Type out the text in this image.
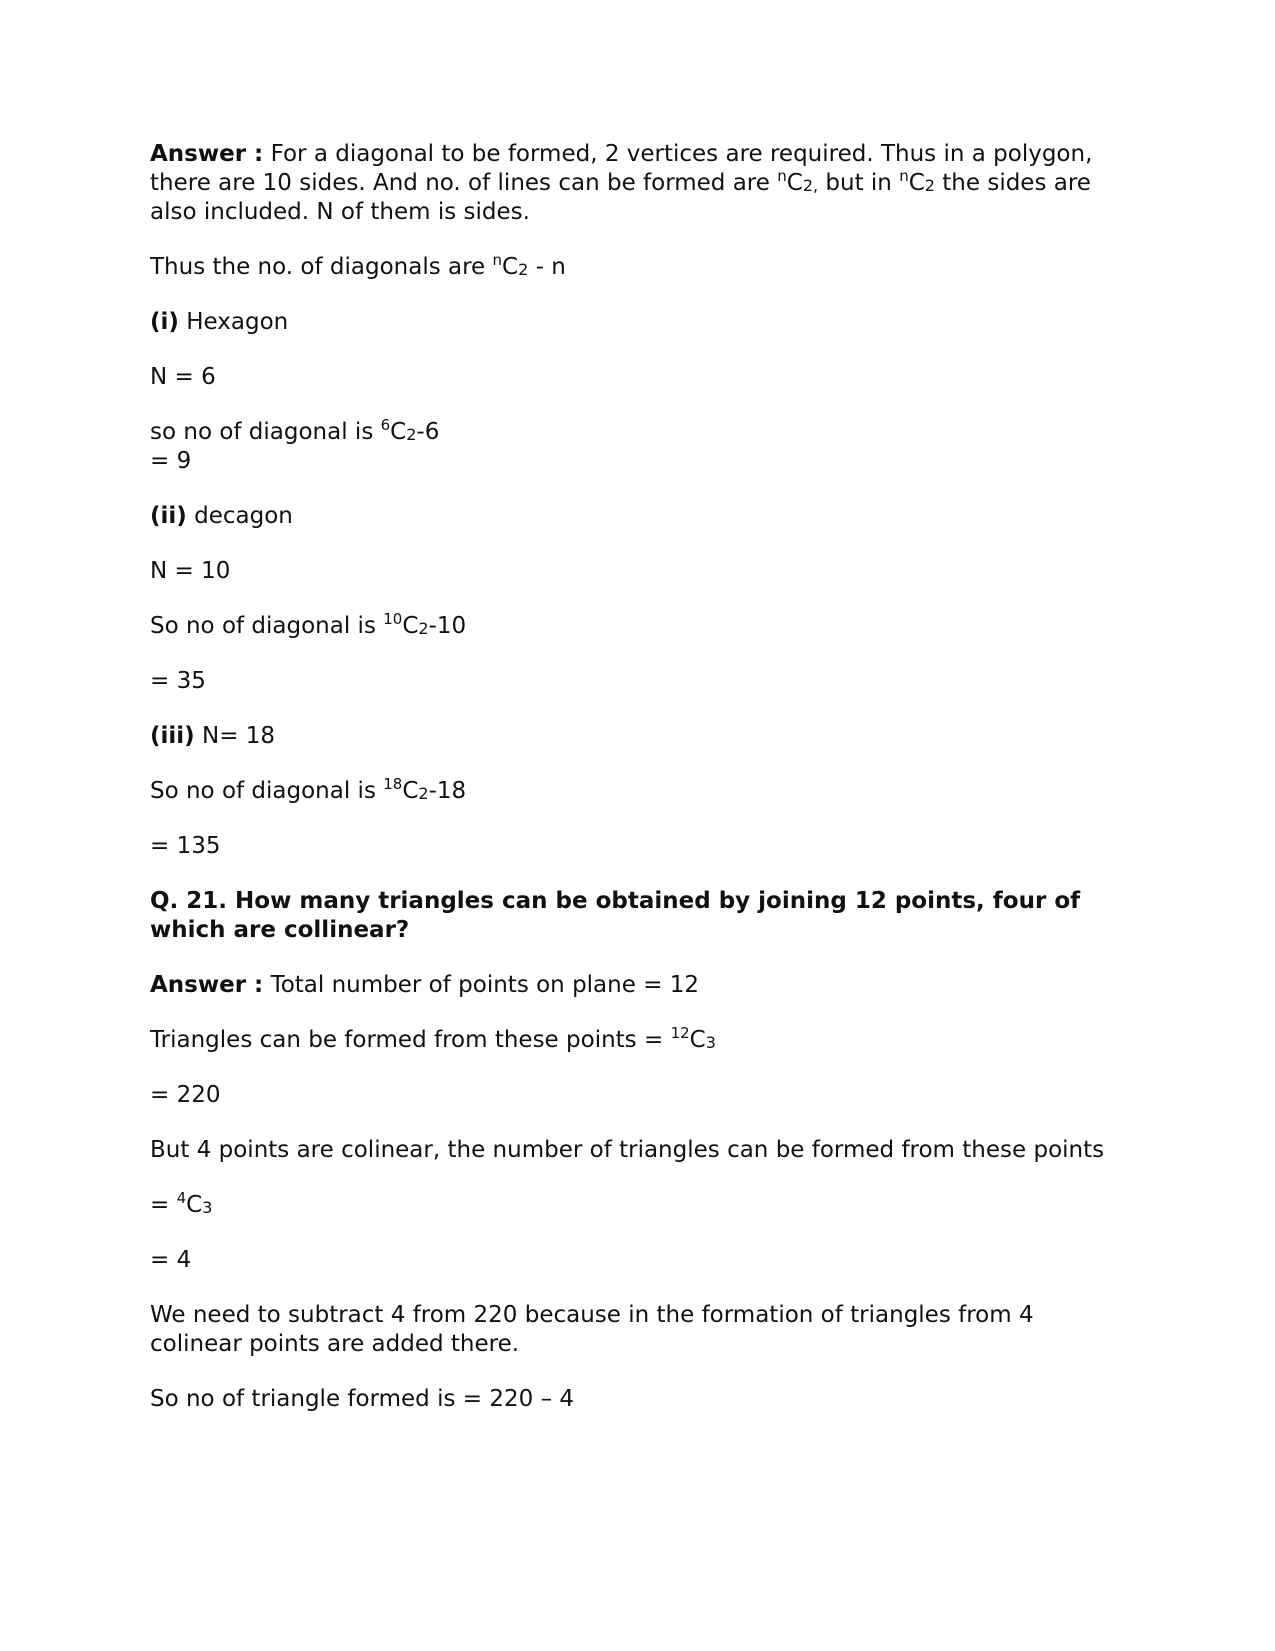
Answer : For a diagonal to be formed, 2 vertices are required. Thus in a polygon, there are 10 sides. And no. of lines can be formed are $^nC_{2,}$ but in $^nC_2$ the sides are also included. N of them is sides.

Thus the no. of diagonals are $^nC_2$ - n

(i) Hexagon

N = 6

so no of diagonal is $^6C_2-6$

= 9

(ii) decagon

N = 10

So no of diagonal is $^{10}C_2-10$

= 35

(iii) N= 18

So no of diagonal is $^{18}C_2-18$

= 135

Q. 21. How many triangles can be obtained by joining 12 points, four of which are collinear?

Answer : Total number of points on plane = 12

Triangles can be formed from these points = $^{12}C_3$

= 220

But 4 points are colinear, the number of triangles can be formed from these points

= $^4C_3$

= 4

We need to subtract 4 from 220 because in the formation of triangles from 4 colinear points are added there.

So no of triangle formed is = 220 – 4
